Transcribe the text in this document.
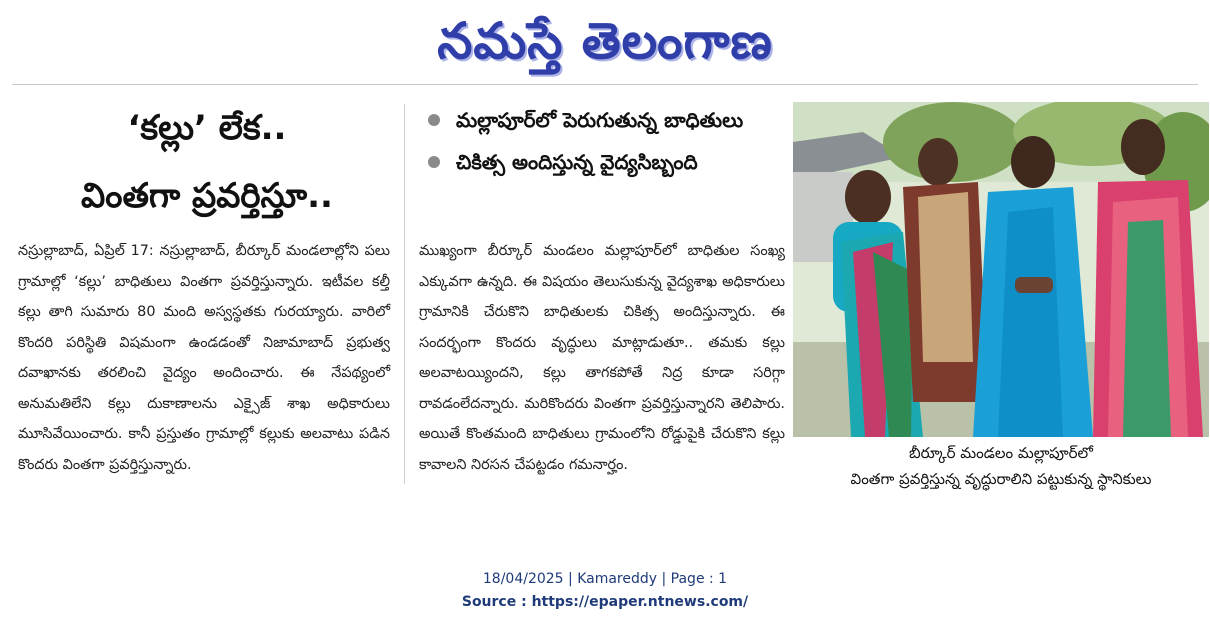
నమస్తే తెలంగాణ
‘కల్లు’ లేక..
వింతగా ప్రవర్తిస్తూ..
నస్రుల్లాబాద్, ఏప్రిల్ 17: నస్రుల్లాబాద్, బీర్కూర్ మండలాల్లోని పలు గ్రామాల్లో ‘కల్లు’ బాధితులు వింతగా ప్రవర్తిస్తున్నారు. ఇటీవల కల్తీ కల్లు తాగి సుమారు 80 మంది అస్వస్థతకు గురయ్యారు. వారిలో కొందరి పరిస్థితి విషమంగా ఉండడంతో నిజామాబాద్ ప్రభుత్వ దవాఖానకు తరలించి వైద్యం అందించారు. ఈ నేపథ్యంలో అనుమతిలేని కల్లు దుకాణాలను ఎక్సైజ్ శాఖ అధికారులు మూసివేయించారు. కానీ ప్రస్తుతం గ్రామాల్లో కల్లుకు అలవాటు పడిన కొందరు వింతగా ప్రవర్తిస్తున్నారు.
మల్లాపూర్‌లో పెరుగుతున్న బాధితులు
చికిత్స అందిస్తున్న వైద్యసిబ్బంది
ముఖ్యంగా బీర్కూర్ మండలం మల్లాపూర్‌లో బాధితుల సంఖ్య ఎక్కువగా ఉన్నది. ఈ విషయం తెలుసుకున్న వైద్యశాఖ అధికారులు గ్రామానికి చేరుకొని బాధితులకు చికిత్స అందిస్తున్నారు. ఈ సందర్భంగా కొందరు వృద్ధులు మాట్లాడుతూ.. తమకు కల్లు అలవాటయ్యిందని, కల్లు తాగకపోతే నిద్ర కూడా సరిగ్గా రావడంలేదన్నారు. మరికొందరు వింతగా ప్రవర్తిస్తున్నారని తెలిపారు. అయితే కొంతమంది బాధితులు గ్రామంలోని రోడ్డుపైకి చేరుకొని కల్లు కావాలని నిరసన చేపట్టడం గమనార్హం.
బీర్కూర్ మండలం మల్లాపూర్‌లో
వింతగా ప్రవర్తిస్తున్న వృద్ధురాలిని పట్టుకున్న స్థానికులు
18/04/2025 | Kamareddy | Page : 1
Source : https://epaper.ntnews.com/
